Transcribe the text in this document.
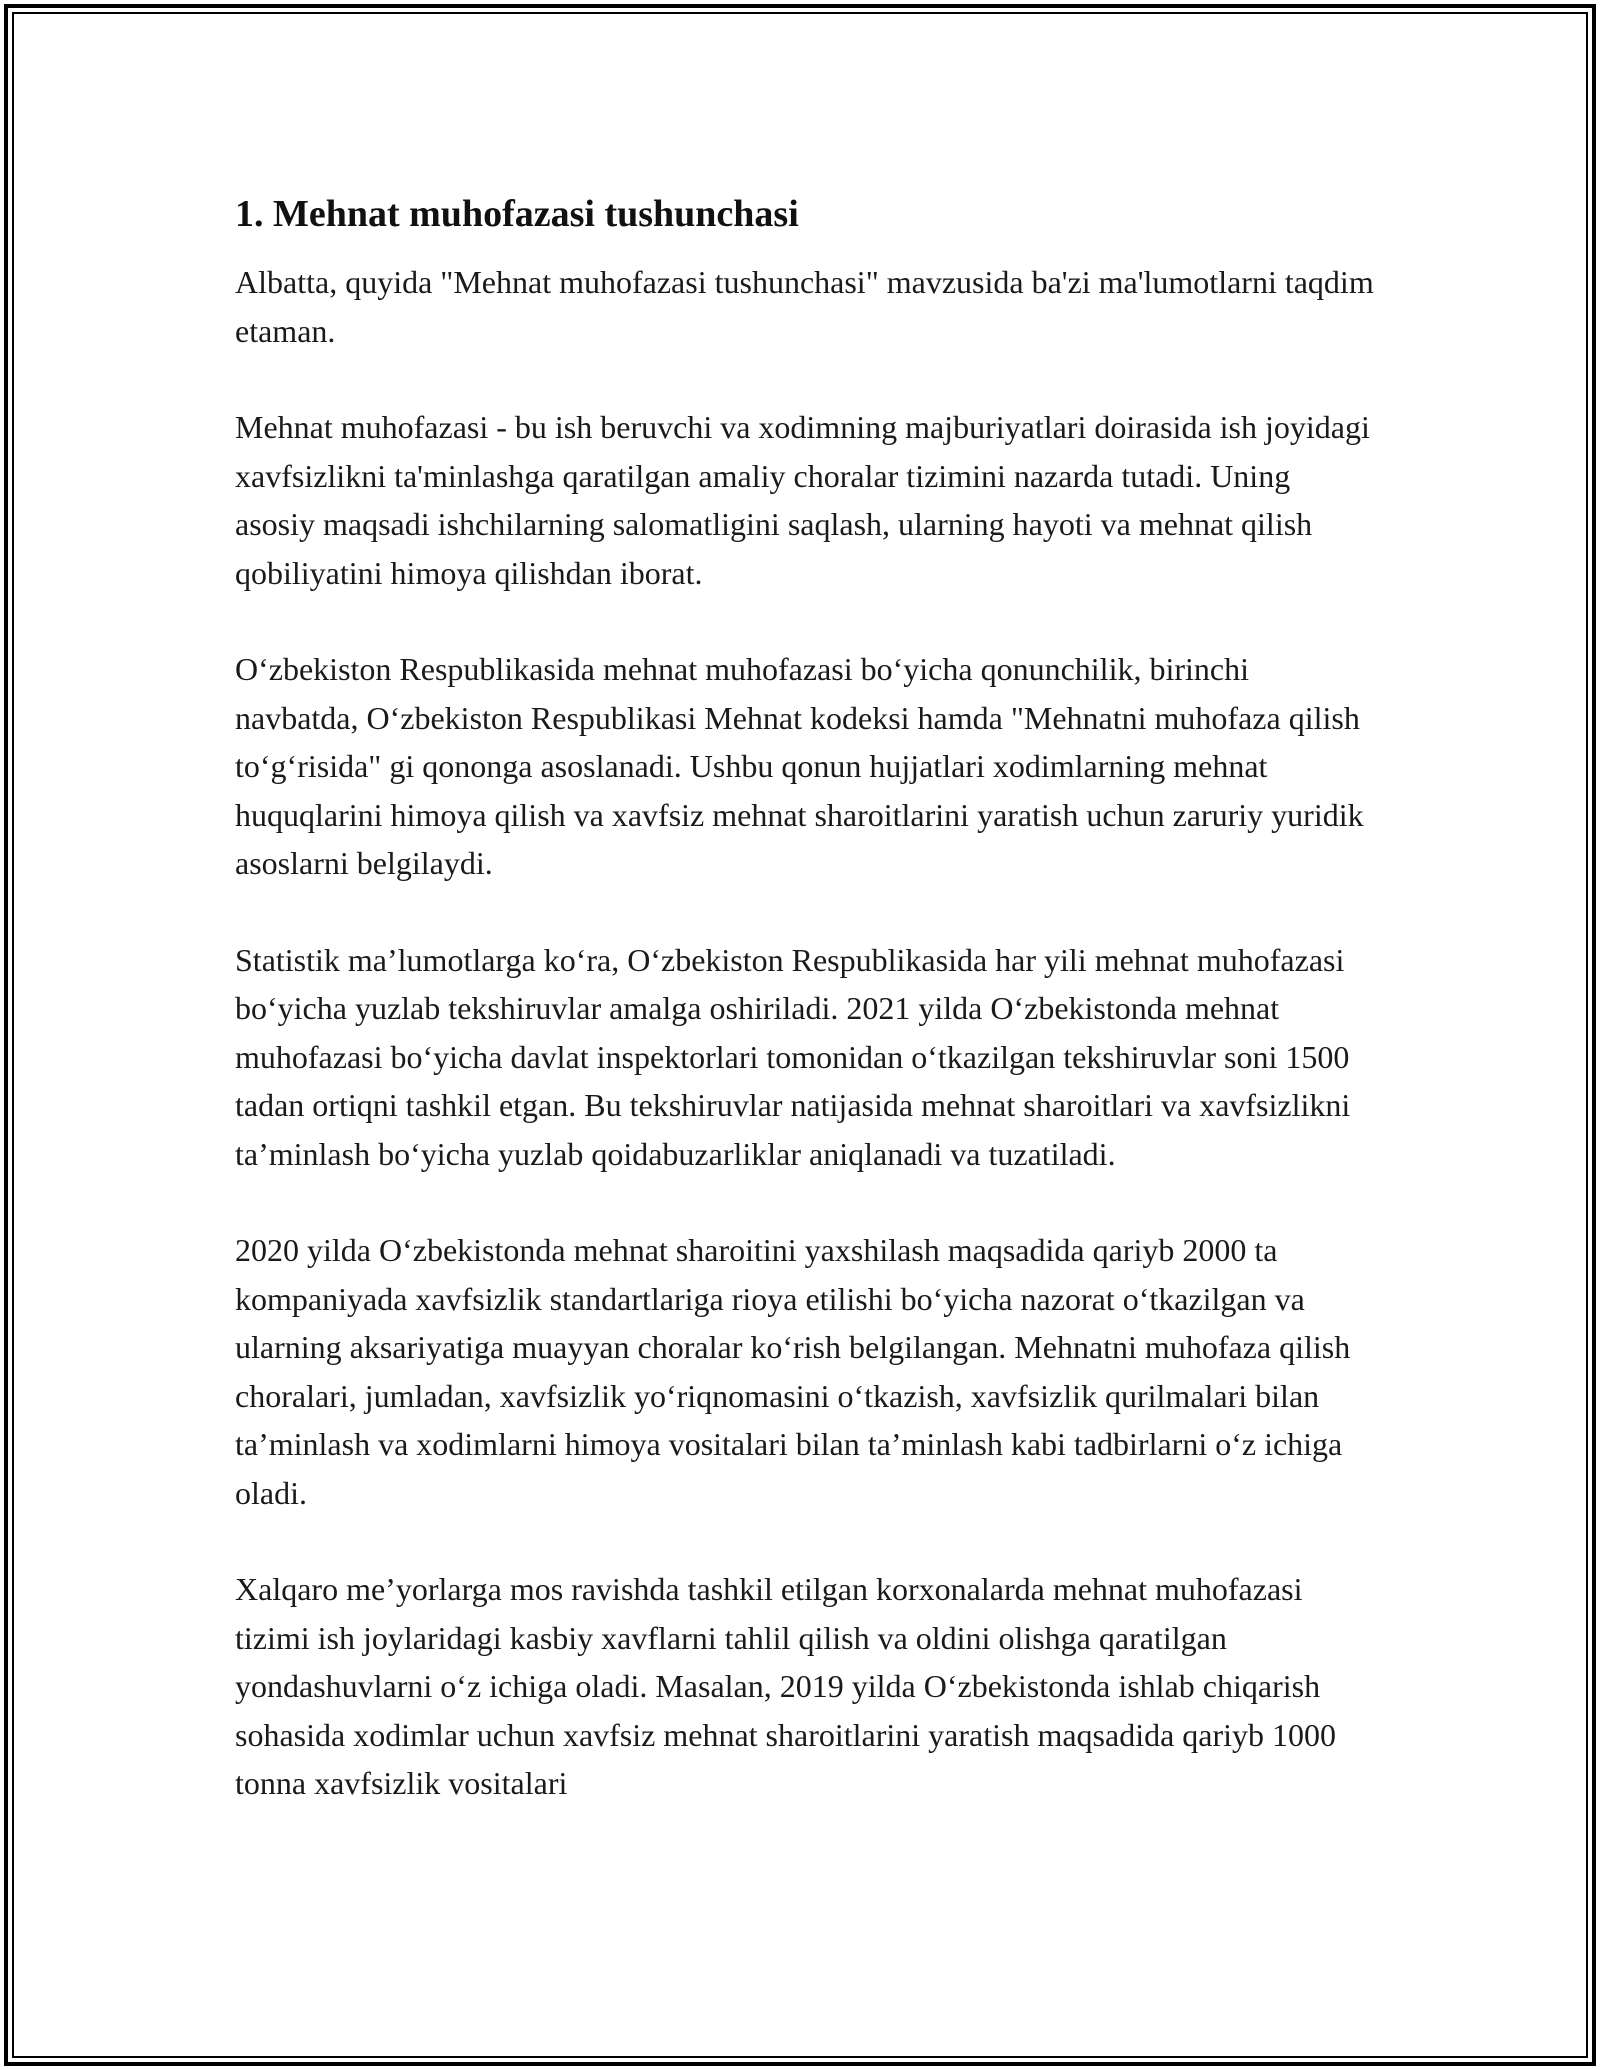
1. Mehnat muhofazasi tushunchasi

Albatta, quyida "Mehnat muhofazasi tushunchasi" mavzusida ba'zi ma'lumotlarni taqdim etaman.

Mehnat muhofazasi - bu ish beruvchi va xodimning majburiyatlari doirasida ish joyidagi xavfsizlikni ta'minlashga qaratilgan amaliy choralar tizimini nazarda tutadi. Uning asosiy maqsadi ishchilarning salomatligini saqlash, ularning hayoti va mehnat qilish qobiliyatini himoya qilishdan iborat.

O‘zbekiston Respublikasida mehnat muhofazasi bo‘yicha qonunchilik, birinchi navbatda, O‘zbekiston Respublikasi Mehnat kodeksi hamda "Mehnatni muhofaza qilish to‘g‘risida" gi qononga asoslanadi. Ushbu qonun hujjatlari xodimlarning mehnat huquqlarini himoya qilish va xavfsiz mehnat sharoitlarini yaratish uchun zaruriy yuridik asoslarni belgilaydi.

Statistik ma’lumotlarga ko‘ra, O‘zbekiston Respublikasida har yili mehnat muhofazasi bo‘yicha yuzlab tekshiruvlar amalga oshiriladi. 2021 yilda O‘zbekistonda mehnat muhofazasi bo‘yicha davlat inspektorlari tomonidan o‘tkazilgan tekshiruvlar soni 1500 tadan ortiqni tashkil etgan. Bu tekshiruvlar natijasida mehnat sharoitlari va xavfsizlikni ta’minlash bo‘yicha yuzlab qoidabuzarliklar aniqlanadi va tuzatiladi.

2020 yilda O‘zbekistonda mehnat sharoitini yaxshilash maqsadida qariyb 2000 ta kompaniyada xavfsizlik standartlariga rioya etilishi bo‘yicha nazorat o‘tkazilgan va ularning aksariyatiga muayyan choralar ko‘rish belgilangan. Mehnatni muhofaza qilish choralari, jumladan, xavfsizlik yo‘riqnomasini o‘tkazish, xavfsizlik qurilmalari bilan ta’minlash va xodimlarni himoya vositalari bilan ta’minlash kabi tadbirlarni o‘z ichiga oladi.

Xalqaro me’yorlarga mos ravishda tashkil etilgan korxonalarda mehnat muhofazasi tizimi ish joylaridagi kasbiy xavflarni tahlil qilish va oldini olishga qaratilgan yondashuvlarni o‘z ichiga oladi. Masalan, 2019 yilda O‘zbekistonda ishlab chiqarish sohasida xodimlar uchun xavfsiz mehnat sharoitlarini yaratish maqsadida qariyb 1000 tonna xavfsizlik vositalari
